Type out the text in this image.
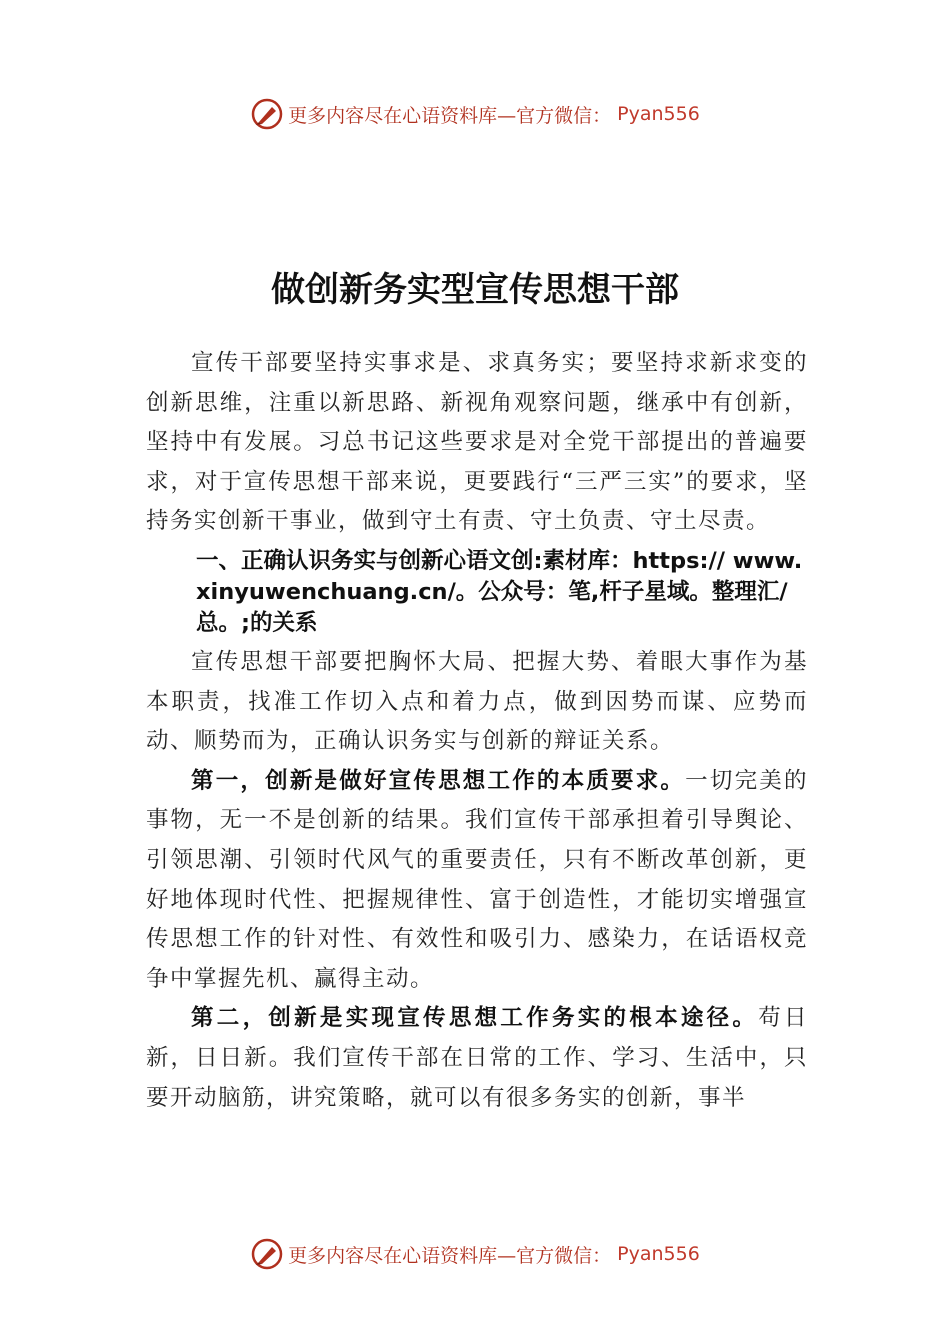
更多内容尽在心语资料库—官方微信： Pyan556
做创新务实型宣传思想干部

宣传干部要坚持实事求是、求真务实；要坚持求新求变的创新思维，注重以新思路、新视角观察问题，继承中有创新，坚持中有发展。习总书记这些要求是对全党干部提出的普遍要求，对于宣传思想干部来说，更要践行“三严三实”的要求，坚持务实创新干事业，做到守土有责、守土负责、守土尽责。

一、正确认识务实与创新心语文创:素材库：https:// www.xinyuwenchuang.cn/。公众号：笔,杆子星域。整理汇/总。;的关系

宣传思想干部要把胸怀大局、把握大势、着眼大事作为基本职责，找准工作切入点和着力点，做到因势而谋、应势而动、顺势而为，正确认识务实与创新的辩证关系。

第一，创新是做好宣传思想工作的本质要求。一切完美的事物，无一不是创新的结果。我们宣传干部承担着引导舆论、引领思潮、引领时代风气的重要责任，只有不断改革创新，更好地体现时代性、把握规律性、富于创造性，才能切实增强宣传思想工作的针对性、有效性和吸引力、感染力，在话语权竞争中掌握先机、赢得主动。

第二，创新是实现宣传思想工作务实的根本途径。苟日新，日日新。我们宣传干部在日常的工作、学习、生活中，只要开动脑筋，讲究策略，就可以有很多务实的创新，事半

更多内容尽在心语资料库—官方微信： Pyan556
